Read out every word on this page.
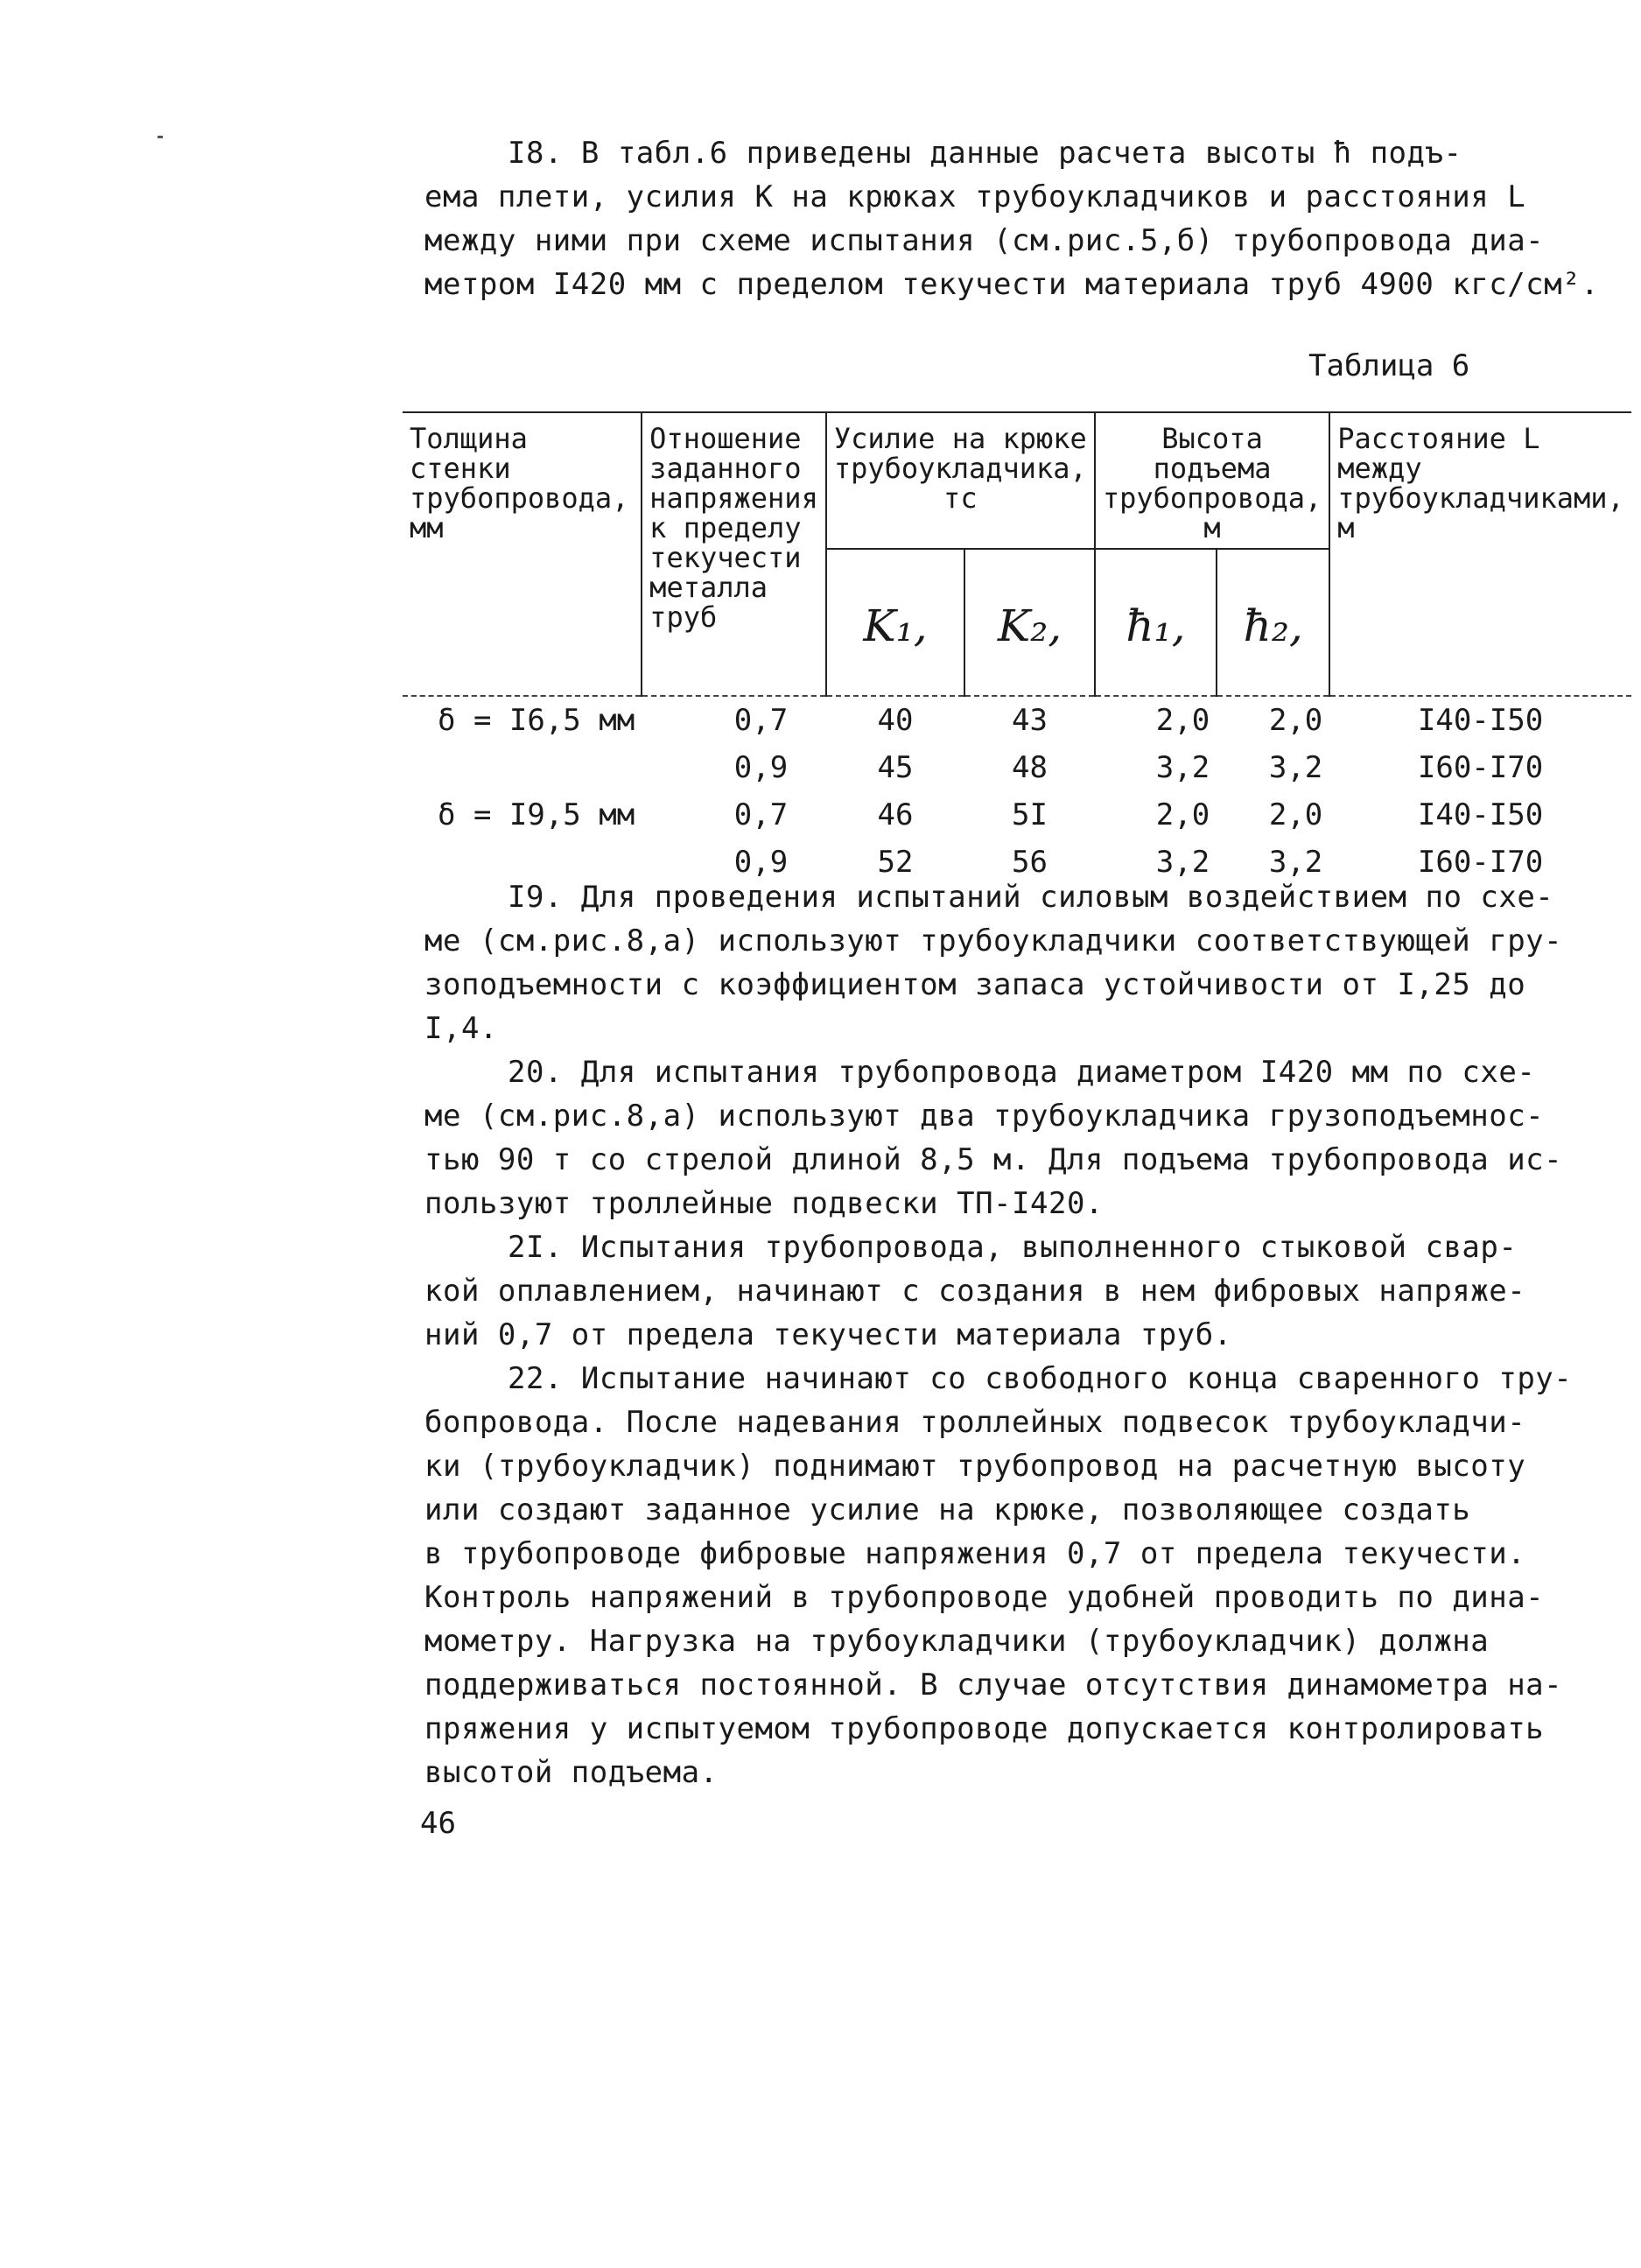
I8. В табл.6 приведены данные расчета высоты ħ подъ-
ема плети, усилия К на крюках трубоукладчиков и расстояния L
между ними при схеме испытания (см.рис.5,б) трубопровода диа-
метром I420 мм с пределом текучести материала труб 4900 кгс/см².

Таблица 6
Толщина стенки трубопровода, мм	Отношение заданного напряжения к пределу текучести металла труб	Усилие на крюке трубоукладчика, тс		Высота подъема трубопровода, м		Расстояние L между трубоукладчиками, м
		K₁,	K₂,	ħ₁,	ħ₂,	
δ = I6,5 мм	0,7	40	43	2,0	2,0	I40-I50
	0,9	45	48	3,2	3,2	I60-I70
δ = I9,5 мм	0,7	46	5I	2,0	2,0	I40-I50
	0,9	52	56	3,2	3,2	I60-I70

I9. Для проведения испытаний силовым воздействием по схе-
ме (см.рис.8,а) используют трубоукладчики соответствующей гру-
зоподъемности с коэффициентом запаса устойчивости от I,25 до
I,4.

20. Для испытания трубопровода диаметром I420 мм по схе-
ме (см.рис.8,а) используют два трубоукладчика грузоподъемнос-
тью 90 т со стрелой длиной 8,5 м. Для подъема трубопровода ис-
пользуют троллейные подвески ТП-I420.

2I. Испытания трубопровода, выполненного стыковой свар-
кой оплавлением, начинают с создания в нем фибровых напряже-
ний 0,7 от предела текучести материала труб.

22. Испытание начинают со свободного конца сваренного тру-
бопровода. После надевания троллейных подвесок трубоукладчи-
ки (трубоукладчик) поднимают трубопровод на расчетную высоту
или создают заданное усилие на крюке, позволяющее создать
в трубопроводе фибровые напряжения 0,7 от предела текучести.
Контроль напряжений в трубопроводе удобней проводить по дина-
мометру. Нагрузка на трубоукладчики (трубоукладчик) должна
поддерживаться постоянной. В случае отсутствия динамометра на-
пряжения у испытуемом трубопроводе допускается контролировать
высотой подъема.

46
